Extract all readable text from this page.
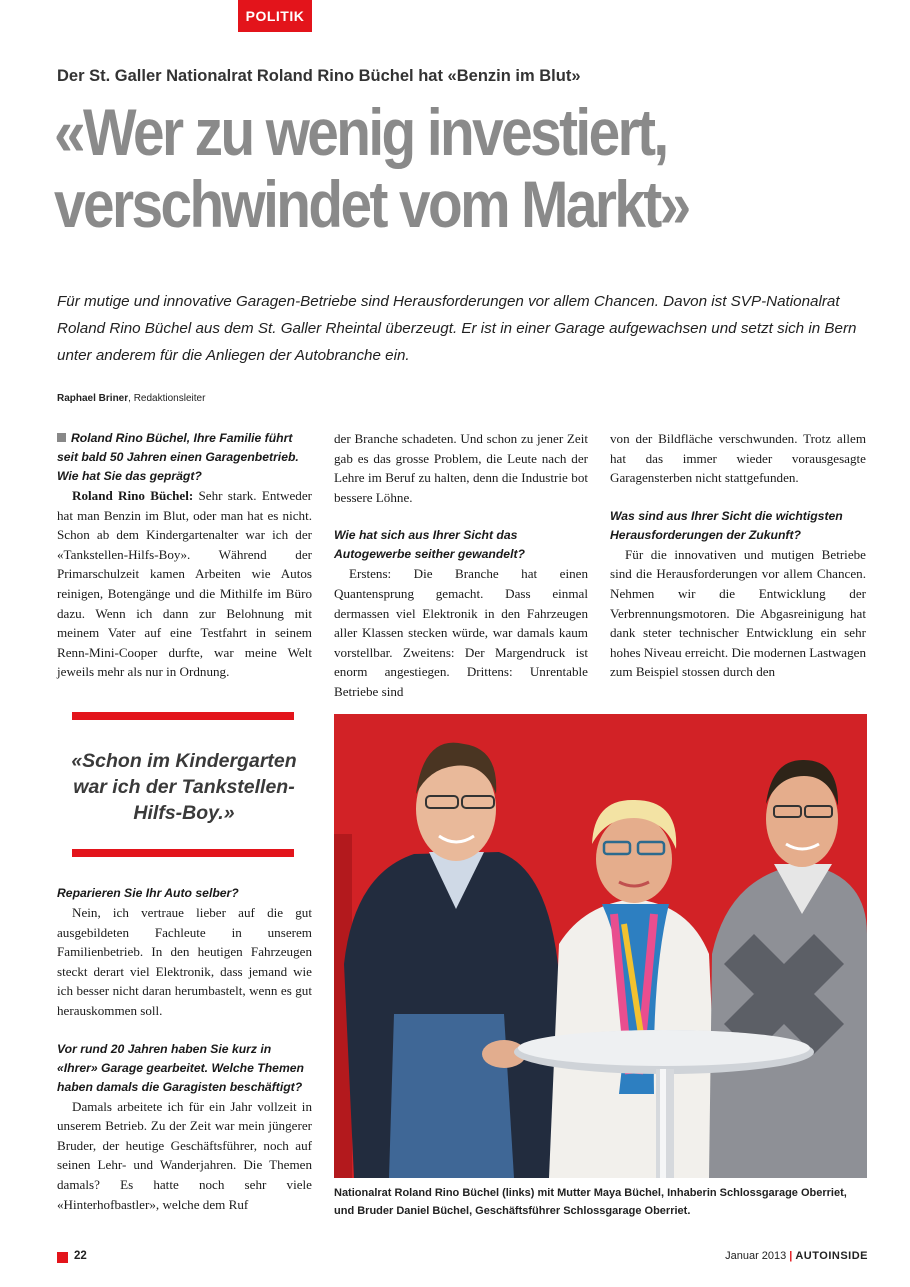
POLITIK
Der St. Galler Nationalrat Roland Rino Büchel hat «Benzin im Blut»
«Wer zu wenig investiert,
verschwindet vom Markt»
Für mutige und innovative Garagen-Betriebe sind Herausforderungen vor allem Chancen. Davon ist SVP-Nationalrat Roland Rino Büchel aus dem St. Galler Rheintal überzeugt. Er ist in einer Garage aufgewachsen und setzt sich in Bern unter anderem für die Anliegen der Autobranche ein.
Raphael Briner, Redaktionsleiter

Roland Rino Büchel, Ihre Familie führt seit bald 50 Jahren einen Garagenbetrieb. Wie hat Sie das geprägt?

Roland Rino Büchel: Sehr stark. Entweder hat man Benzin im Blut, oder man hat es nicht. Schon ab dem Kindergartenalter war ich der «Tankstellen-Hilfs-Boy». Während der Primarschulzeit kamen Arbeiten wie Autos reinigen, Botengänge und die Mithilfe im Büro dazu. Wenn ich dann zur Belohnung mit meinem Vater auf eine Testfahrt in seinem Renn-Mini-Cooper durfte, war meine Welt jeweils mehr als nur in Ordnung.

der Branche schadeten. Und schon zu jener Zeit gab es das grosse Problem, die Leute nach der Lehre im Beruf zu halten, denn die Industrie bot bessere Löhne.

Wie hat sich aus Ihrer Sicht das Autogewerbe seither gewandelt?

Erstens: Die Branche hat einen Quantensprung gemacht. Dass einmal dermassen viel Elektronik in den Fahrzeugen aller Klassen stecken würde, war damals kaum vorstellbar. Zweitens: Der Margendruck ist enorm angestiegen. Drittens: Unrentable Betriebe sind

von der Bildfläche verschwunden. Trotz allem hat das immer wieder vorausgesagte Garagensterben nicht stattgefunden.

Was sind aus Ihrer Sicht die wichtigsten Herausforderungen der Zukunft?

Für die innovativen und mutigen Betriebe sind die Herausforderungen vor allem Chancen. Nehmen wir die Entwicklung der Verbrennungsmotoren. Die Abgasreinigung hat dank steter technischer Entwicklung ein sehr hohes Niveau erreicht. Die modernen Lastwagen zum Beispiel stossen durch den

«Schon im Kindergarten war ich der Tankstellen-Hilfs-Boy.»

Reparieren Sie Ihr Auto selber?

Nein, ich vertraue lieber auf die gut ausgebildeten Fachleute in unserem Familienbetrieb. In den heutigen Fahrzeugen steckt derart viel Elektronik, dass jemand wie ich besser nicht daran herumbastelt, wenn es gut herauskommen soll.

Vor rund 20 Jahren haben Sie kurz in «Ihrer» Garage gearbeitet. Welche Themen haben damals die Garagisten beschäftigt?

Damals arbeitete ich für ein Jahr vollzeit in unserem Betrieb. Zu der Zeit war mein jüngerer Bruder, der heutige Geschäftsführer, noch auf seinen Lehr- und Wanderjahren. Die Themen damals? Es hatte noch sehr viele «Hinterhofbastler», welche dem Ruf

Nationalrat Roland Rino Büchel (links) mit Mutter Maya Büchel, Inhaberin Schlossgarage Oberriet, und Bruder Daniel Büchel, Geschäftsführer Schlossgarage Oberriet.
22	Januar 2013 | AUTOINSIDE
